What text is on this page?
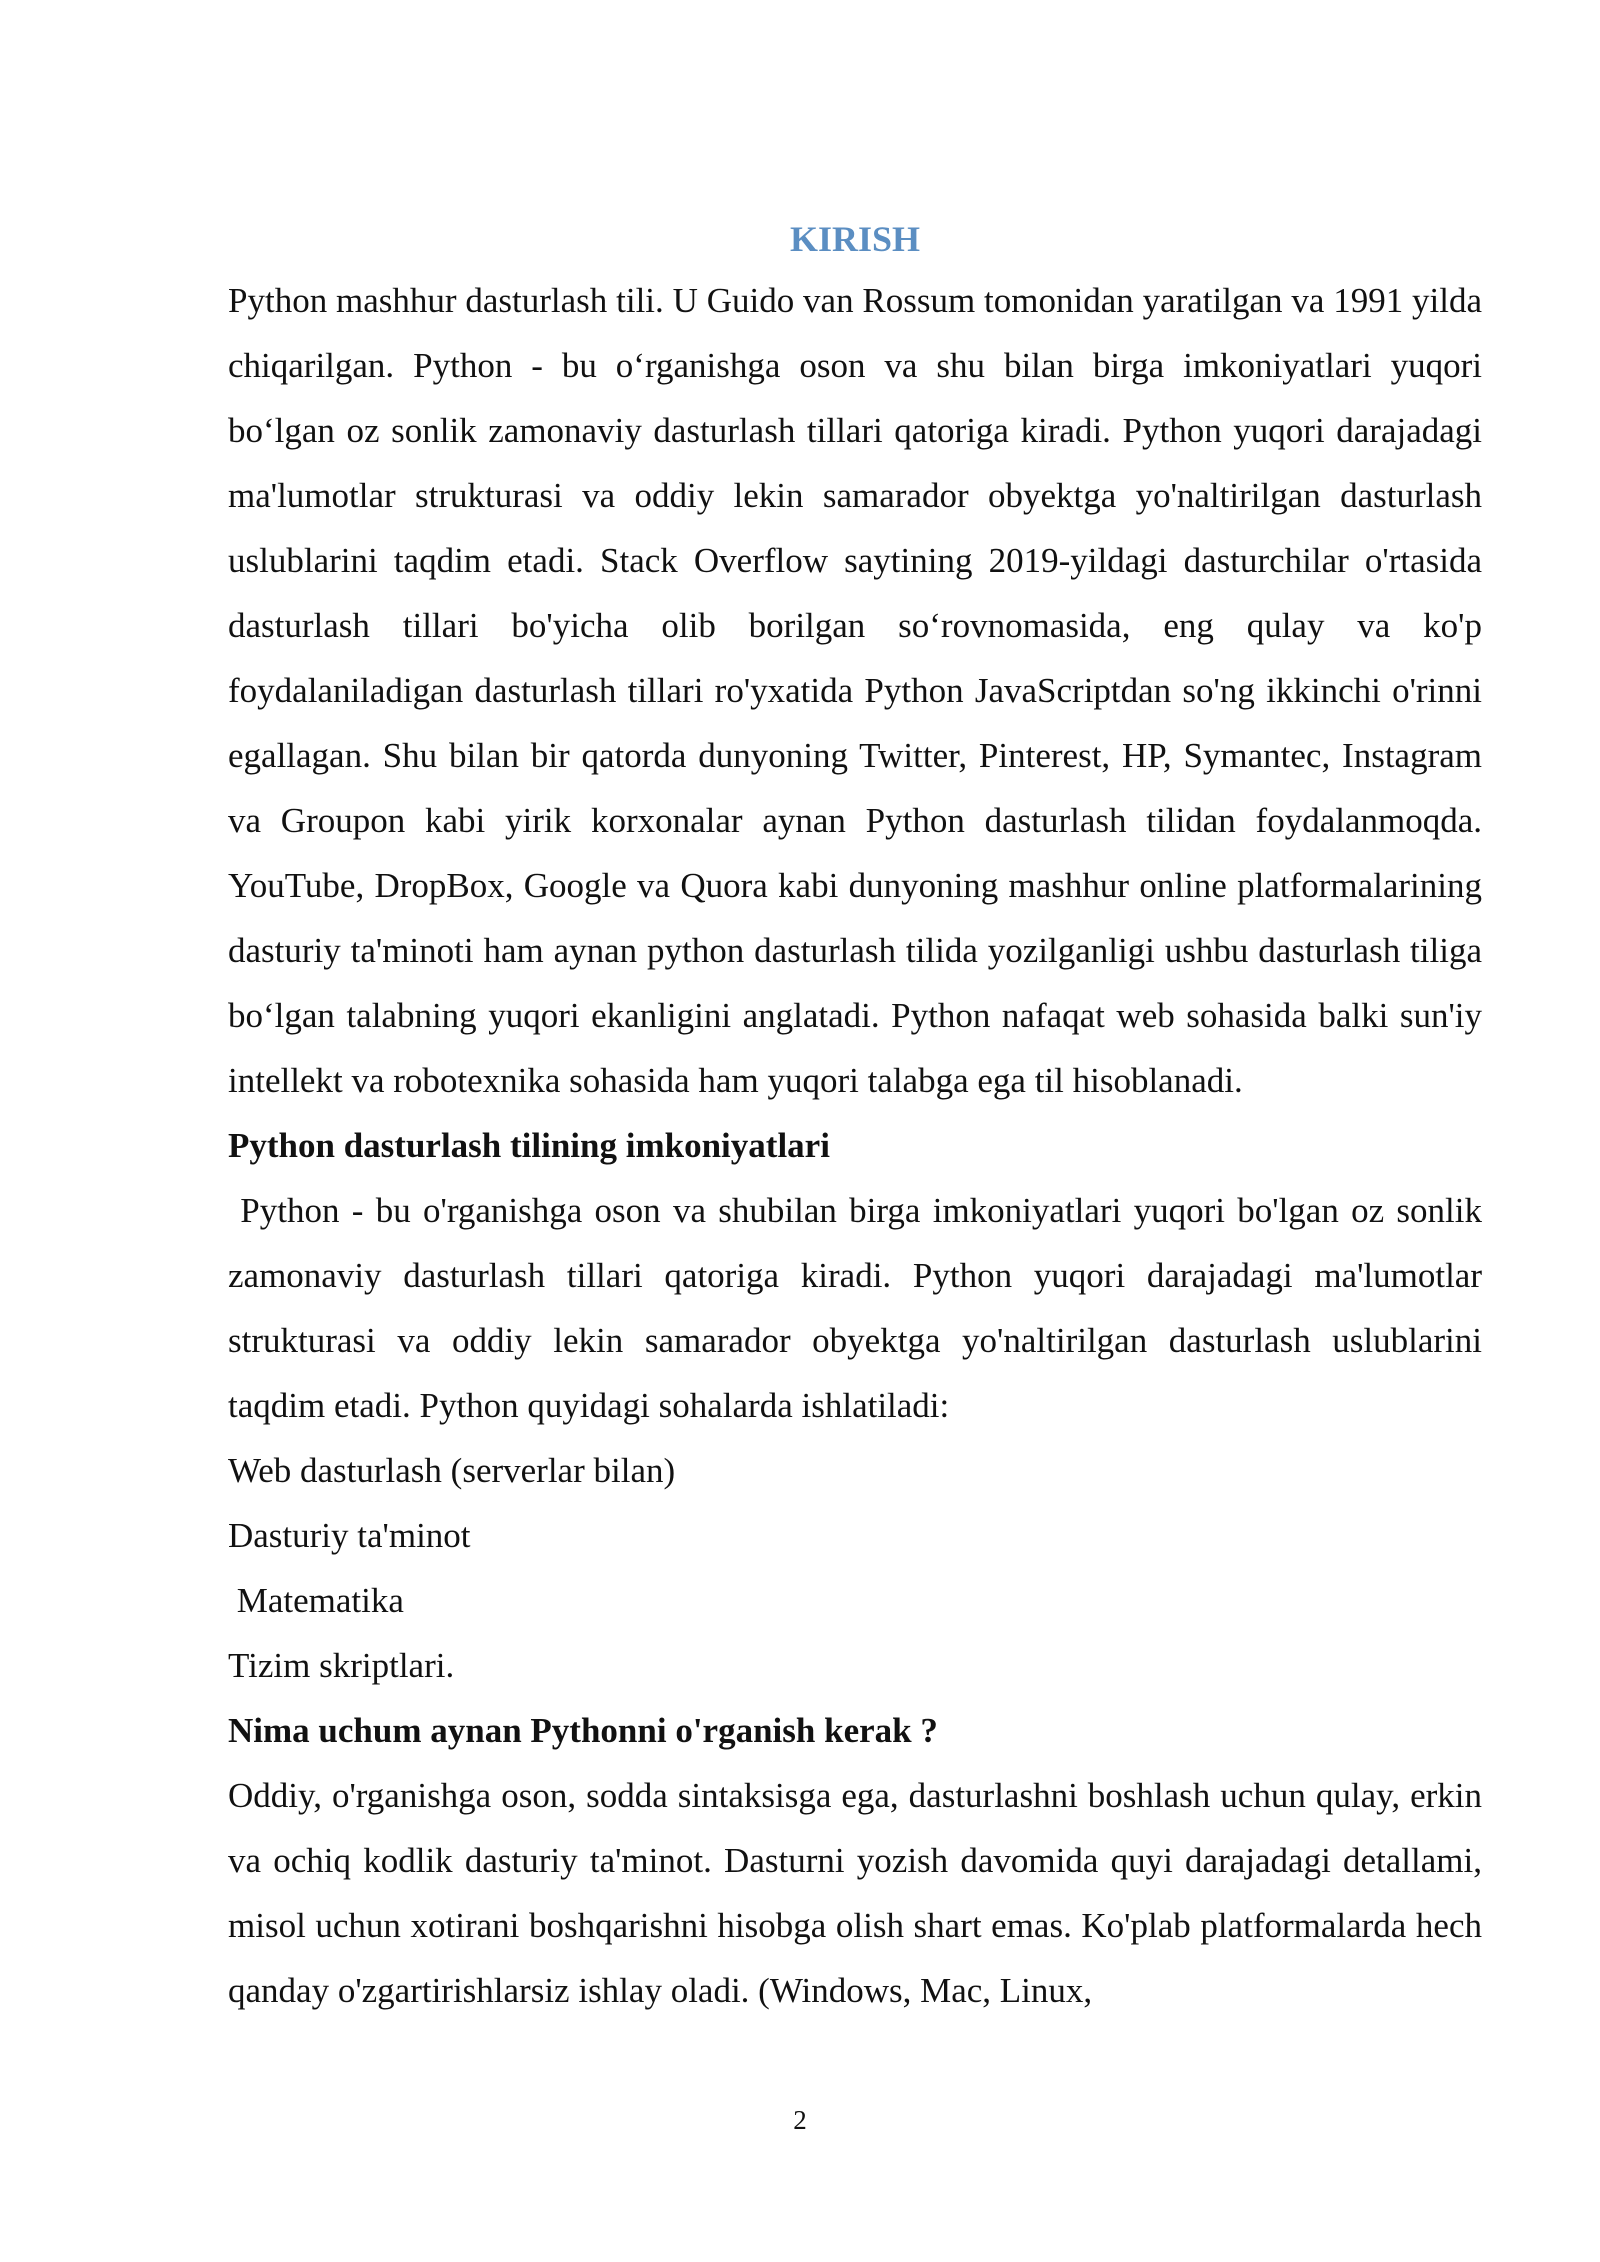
KIRISH

Python mashhur dasturlash tili. U Guido van Rossum tomonidan yaratilgan va 1991 yilda chiqarilgan. Python - bu o‘rganishga oson va shu bilan birga imkoniyatlari yuqori bo‘lgan oz sonlik zamonaviy dasturlash tillari qatoriga kiradi. Python yuqori darajadagi ma'lumotlar strukturasi va oddiy lekin samarador obyektga yo'naltirilgan dasturlash uslublarini taqdim etadi. Stack Overflow saytining 2019-yildagi dasturchilar o'rtasida dasturlash tillari bo'yicha olib borilgan so‘rovnomasida, eng qulay va ko'p foydalaniladigan dasturlash tillari ro'yxatida Python JavaScriptdan so'ng ikkinchi o'rinni egallagan. Shu bilan bir qatorda dunyoning Twitter, Pinterest, HP, Symantec, Instagram va Groupon kabi yirik korxonalar aynan Python dasturlash tilidan foydalanmoqda. YouTube, DropBox, Google va Quora kabi dunyoning mashhur online platformalarining dasturiy ta'minoti ham aynan python dasturlash tilida yozilganligi ushbu dasturlash tiliga bo‘lgan talabning yuqori ekanligini anglatadi. Python nafaqat web sohasida balki sun'iy intellekt va robotexnika sohasida ham yuqori talabga ega til hisoblanadi.

Python dasturlash tilining imkoniyatlari

Python - bu o'rganishga oson va shubilan birga imkoniyatlari yuqori bo'lgan oz sonlik zamonaviy dasturlash tillari qatoriga kiradi. Python yuqori darajadagi ma'lumotlar strukturasi va oddiy lekin samarador obyektga yo'naltirilgan dasturlash uslublarini taqdim etadi. Python quyidagi sohalarda ishlatiladi:

Web dasturlash (serverlar bilan)

Dasturiy ta'minot

Matematika

Tizim skriptlari.

Nima uchum aynan Pythonni o'rganish kerak ?

Oddiy, o'rganishga oson, sodda sintaksisga ega, dasturlashni boshlash uchun qulay, erkin va ochiq kodlik dasturiy ta'minot. Dasturni yozish davomida quyi darajadagi detallami, misol uchun xotirani boshqarishni hisobga olish shart emas. Ko'plab platformalarda hech qanday o'zgartirishlarsiz ishlay oladi. (Windows, Mac, Linux,

2
